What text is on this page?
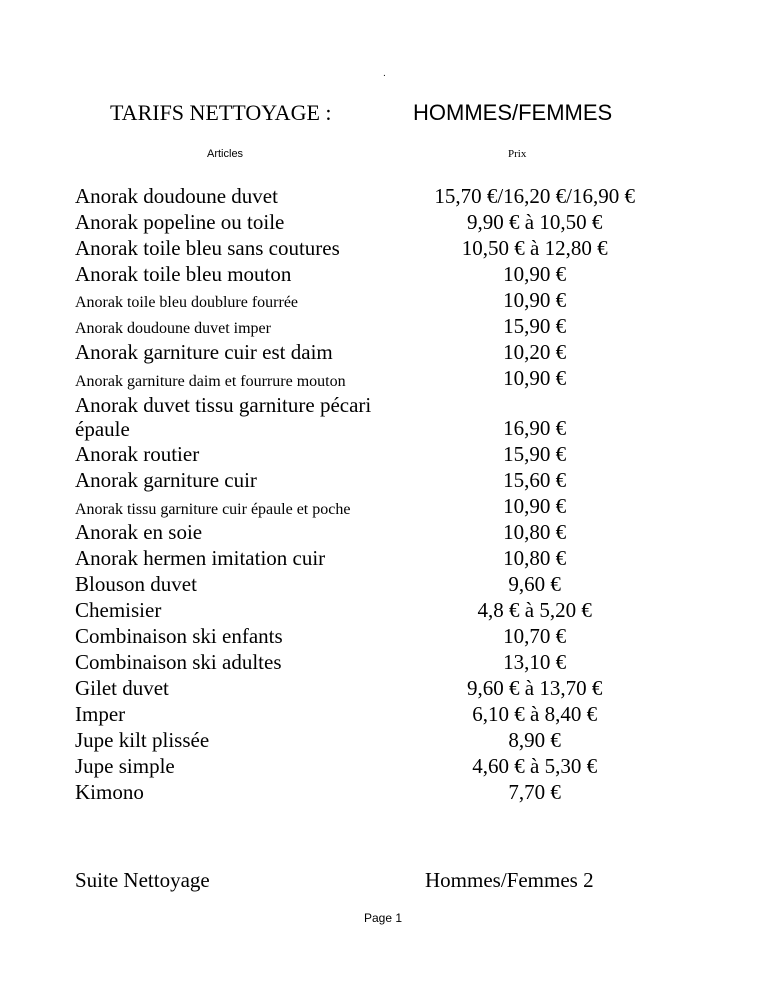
.
TARIFS NETTOYAGE :	HOMMES/FEMMES
Articles	Prix
Anorak doudoune duvet	15,70 €/16,20 €/16,90 €
Anorak popeline ou toile	9,90 € à 10,50 €
Anorak toile bleu sans coutures	10,50 € à 12,80 €
Anorak toile bleu mouton	10,90 €
Anorak toile bleu doublure fourrée	10,90 €
Anorak doudoune duvet imper	15,90 €
Anorak garniture cuir est daim	10,20 €
Anorak garniture daim et fourrure mouton	10,90 €
Anorak duvet tissu garniture pécari épaule	16,90 €
Anorak routier	15,90 €
Anorak garniture cuir	15,60 €
Anorak tissu garniture cuir épaule et poche	10,90 €
Anorak en soie	10,80 €
Anorak hermen imitation cuir	10,80 €
Blouson duvet	9,60 €
Chemisier	4,8 € à 5,20 €
Combinaison ski enfants	10,70 €
Combinaison ski adultes	13,10 €
Gilet duvet	9,60 € à 13,70 €
Imper	6,10 € à 8,40 €
Jupe kilt plissée	8,90 €
Jupe simple	4,60 € à 5,30 €
Kimono	7,70 €
Suite Nettoyage	Hommes/Femmes 2
Page 1
